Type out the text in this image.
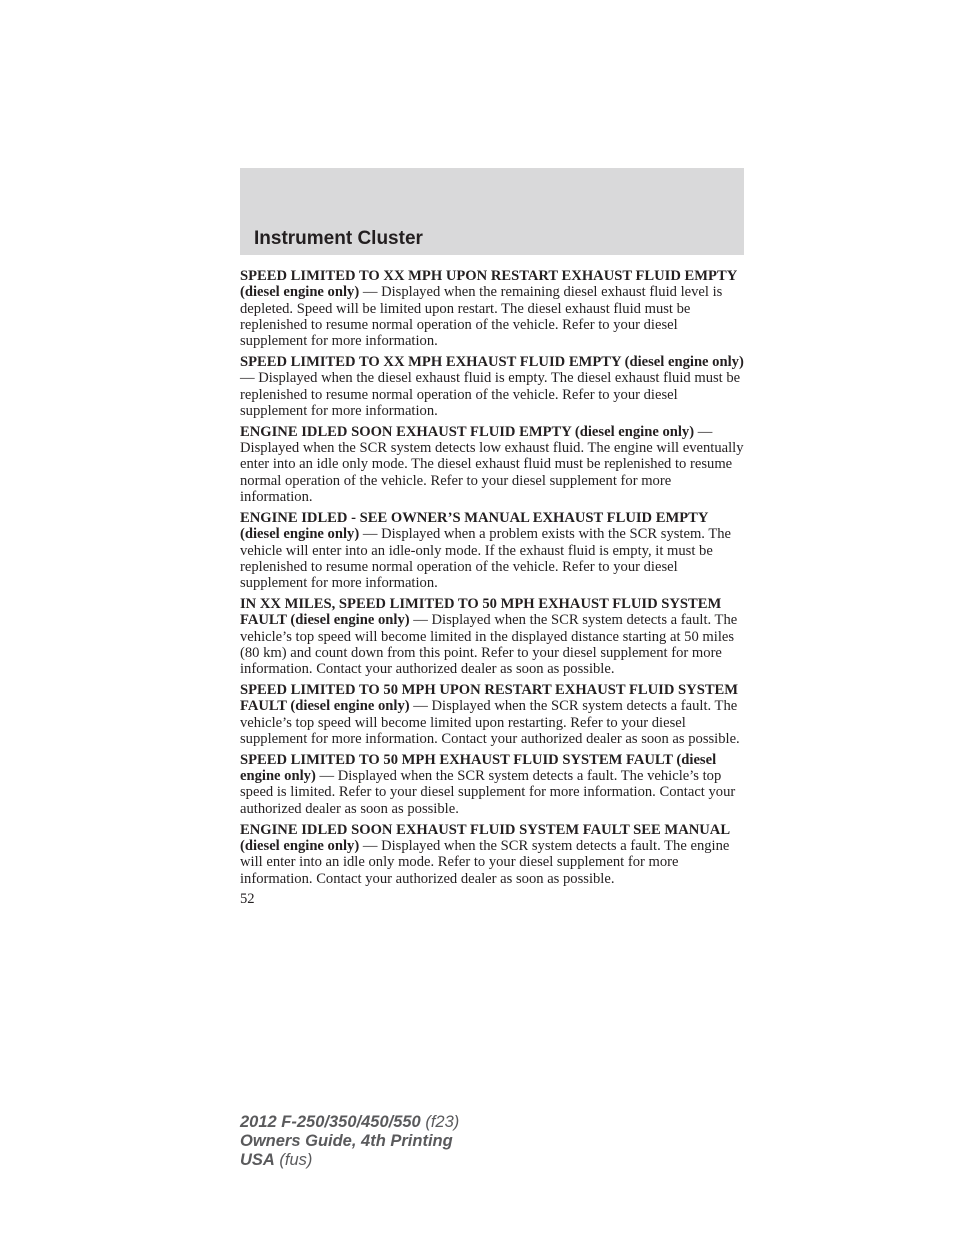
Instrument Cluster

SPEED LIMITED TO XX MPH UPON RESTART EXHAUST FLUID EMPTY (diesel engine only) — Displayed when the remaining diesel exhaust fluid level is depleted. Speed will be limited upon restart. The diesel exhaust fluid must be replenished to resume normal operation of the vehicle. Refer to your diesel supplement for more information.

SPEED LIMITED TO XX MPH EXHAUST FLUID EMPTY (diesel engine only) — Displayed when the diesel exhaust fluid is empty. The diesel exhaust fluid must be replenished to resume normal operation of the vehicle. Refer to your diesel supplement for more information.

ENGINE IDLED SOON EXHAUST FLUID EMPTY (diesel engine only) — Displayed when the SCR system detects low exhaust fluid. The engine will eventually enter into an idle only mode. The diesel exhaust fluid must be replenished to resume normal operation of the vehicle. Refer to your diesel supplement for more information.

ENGINE IDLED - SEE OWNER’S MANUAL EXHAUST FLUID EMPTY (diesel engine only) — Displayed when a problem exists with the SCR system. The vehicle will enter into an idle-only mode. If the exhaust fluid is empty, it must be replenished to resume normal operation of the vehicle. Refer to your diesel supplement for more information.

IN XX MILES, SPEED LIMITED TO 50 MPH EXHAUST FLUID SYSTEM FAULT (diesel engine only) — Displayed when the SCR system detects a fault. The vehicle’s top speed will become limited in the displayed distance starting at 50 miles (80 km) and count down from this point. Refer to your diesel supplement for more information. Contact your authorized dealer as soon as possible.

SPEED LIMITED TO 50 MPH UPON RESTART EXHAUST FLUID SYSTEM FAULT (diesel engine only) — Displayed when the SCR system detects a fault. The vehicle’s top speed will become limited upon restarting. Refer to your diesel supplement for more information. Contact your authorized dealer as soon as possible.

SPEED LIMITED TO 50 MPH EXHAUST FLUID SYSTEM FAULT (diesel engine only) — Displayed when the SCR system detects a fault. The vehicle’s top speed is limited. Refer to your diesel supplement for more information. Contact your authorized dealer as soon as possible.

ENGINE IDLED SOON EXHAUST FLUID SYSTEM FAULT SEE MANUAL (diesel engine only) — Displayed when the SCR system detects a fault. The engine will enter into an idle only mode. Refer to your diesel supplement for more information. Contact your authorized dealer as soon as possible.

52
2012 F-250/350/450/550 (f23)
Owners Guide, 4th Printing
USA (fus)
